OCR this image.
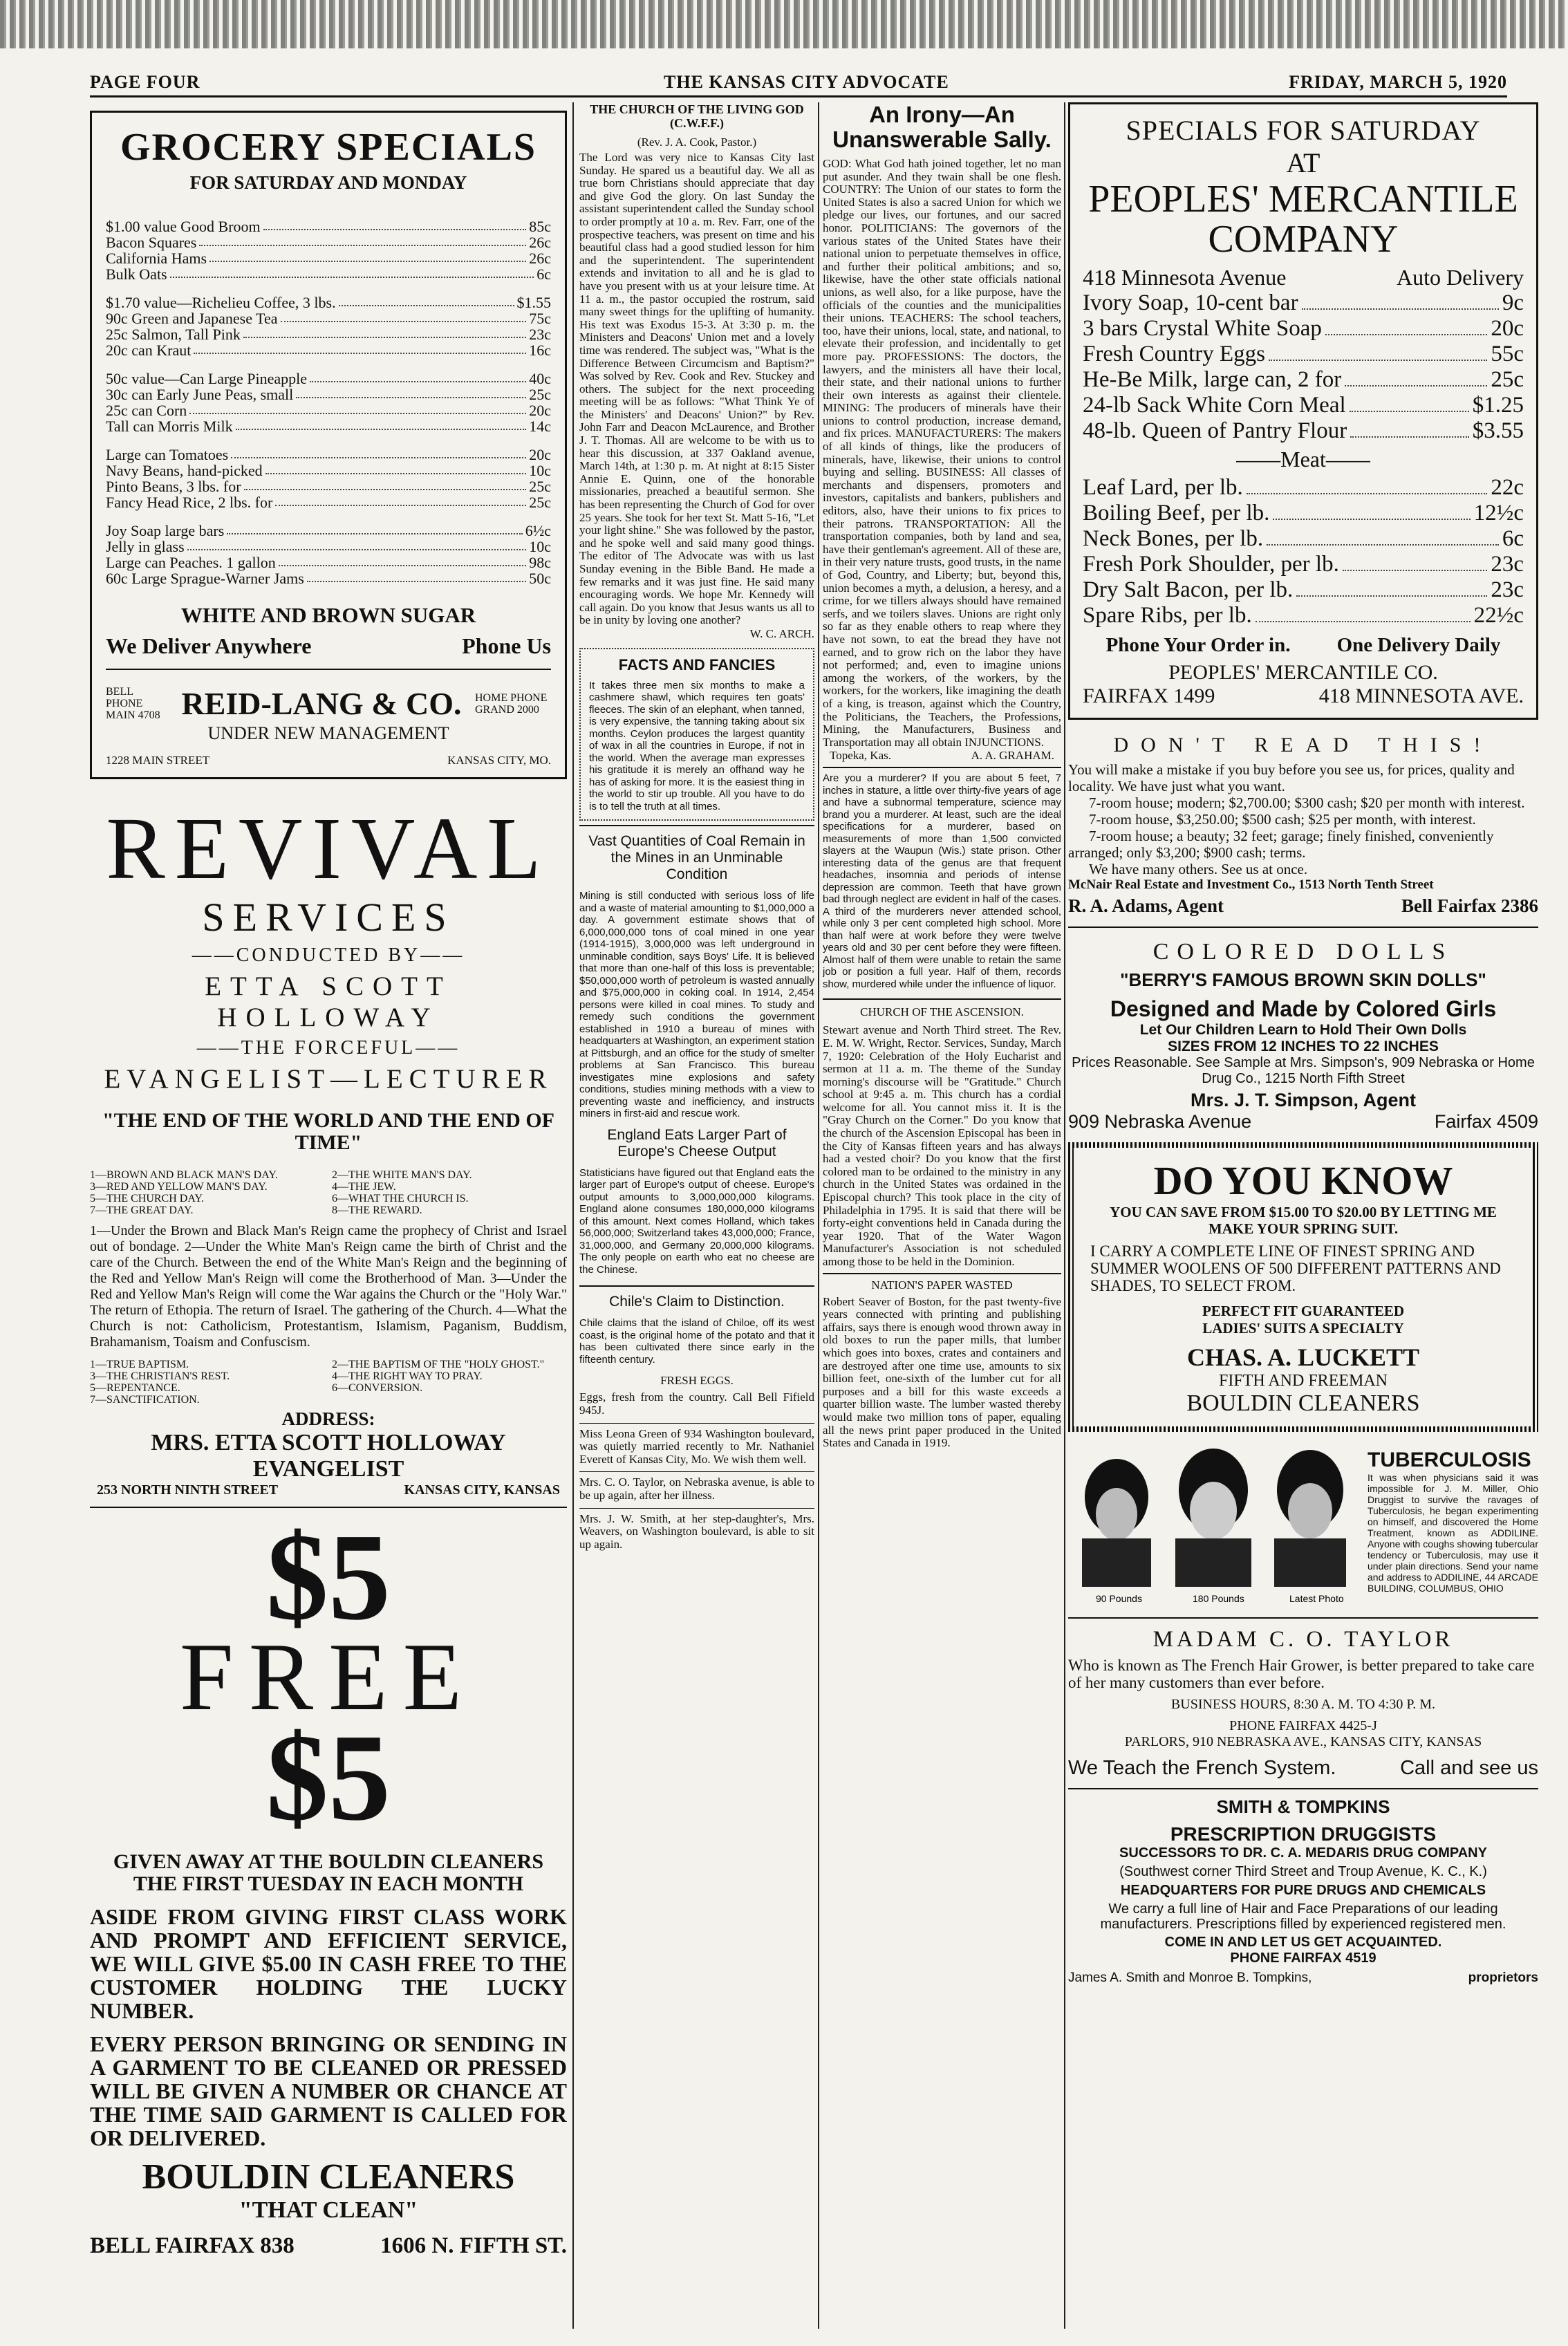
PAGE FOUR	THE KANSAS CITY ADVOCATE	FRIDAY, MARCH 5, 1920
GROCERY SPECIALS
FOR SATURDAY AND MONDAY
$1.00 value Good Broom	85c
Bacon Squares	26c
California Hams	26c
Bulk Oats	6c
$1.70 value—Richelieu Coffee, 3 lbs.	$1.55
90c Green and Japanese Tea	75c
25c Salmon, Tall Pink	23c
20c can Kraut	16c
50c value—Can Large Pineapple	40c
30c can Early June Peas, small	25c
25c can Corn	20c
Tall can Morris Milk	14c
Large can Tomatoes	20c
Navy Beans, hand-picked	10c
Pinto Beans, 3 lbs. for	25c
Fancy Head Rice, 2 lbs. for	25c
Joy Soap large bars	6½c
Jelly in glass	10c
Large can Peaches. 1 gallon	98c
60c Large Sprague-Warner Jams	50c
WHITE AND BROWN SUGAR
We Deliver Anywhere	Phone Us
BELL PHONE MAIN 4708 REID-LANG & CO. HOME PHONE GRAND 2000
UNDER NEW MANAGEMENT
1228 MAIN STREET	KANSAS CITY, MO.
REVIVAL
SERVICES
——CONDUCTED BY——
ETTA SCOTT HOLLOWAY
——THE FORCEFUL——
EVANGELIST—LECTURER
"THE END OF THE WORLD AND THE END OF TIME"
1—BROWN AND BLACK MAN'S DAY.	2—THE WHITE MAN'S DAY.
3—RED AND YELLOW MAN'S DAY.	4—THE JEW.
5—THE CHURCH DAY.	6—WHAT THE CHURCH IS.
7—THE GREAT DAY.	8—THE REWARD.
1—Under the Brown and Black Man's Reign came the prophecy of Christ and Israel out of bondage. 2—Under the White Man's Reign came the birth of Christ and the care of the Church. Between the end of the White Man's Reign and the beginning of the Red and Yellow Man's Reign will come the Brotherhood of Man. 3—Under the Red and Yellow Man's Reign will come the War agains the Church or the "Holy War." The return of Ethopia. The return of Israel. The gathering of the Church. 4—What the Church is not: Catholicism, Protestantism, Islamism, Paganism, Buddism, Brahamanism, Toaism and Confuscism.
1—TRUE BAPTISM.	2—THE BAPTISM OF THE "HOLY GHOST."
3—THE CHRISTIAN'S REST.	4—THE RIGHT WAY TO PRAY.
5—REPENTANCE.	6—CONVERSION.
7—SANCTIFICATION.
ADDRESS:
MRS. ETTA SCOTT HOLLOWAY
EVANGELIST
253 NORTH NINTH STREET	KANSAS CITY, KANSAS
$5
FREE
$5
GIVEN AWAY AT THE BOULDIN CLEANERS THE FIRST TUESDAY IN EACH MONTH
ASIDE FROM GIVING FIRST CLASS WORK AND PROMPT AND EFFICIENT SERVICE, WE WILL GIVE $5.00 IN CASH FREE TO THE CUSTOMER HOLDING THE LUCKY NUMBER.
EVERY PERSON BRINGING OR SENDING IN A GARMENT TO BE CLEANED OR PRESSED WILL BE GIVEN A NUMBER OR CHANCE AT THE TIME SAID GARMENT IS CALLED FOR OR DELIVERED.
BOULDIN CLEANERS
"THAT CLEAN"
BELL FAIRFAX 838	1606 N. FIFTH ST.
THE CHURCH OF THE LIVING GOD (C.W.F.F.)
(Rev. J. A. Cook, Pastor.)
The Lord was very nice to Kansas City last Sunday. He spared us a beautiful day. We all as true born Christians should appreciate that day and give God the glory. On last Sunday the assistant superintendent called the Sunday school to order promptly at 10 a. m. Rev. Farr, one of the prospective teachers, was present on time and his beautiful class had a good studied lesson for him and the superintendent. The superintendent extends and invitation to all and he is glad to have you present with us at your leisure time. At 11 a. m., the pastor occupied the rostrum, said many sweet things for the uplifting of humanity. His text was Exodus 15-3. At 3:30 p. m. the Ministers and Deacons' Union met and a lovely time was rendered. The subject was, "What is the Difference Between Circumcism and Baptism?" Was solved by Rev. Cook and Rev. Stuckey and others. The subject for the next proceeding meeting will be as follows: "What Think Ye of the Ministers' and Deacons' Union?" by Rev. John Farr and Deacon McLaurence, and Brother J. T. Thomas. All are welcome to be with us to hear this discussion, at 337 Oakland avenue, March 14th, at 1:30 p. m. At night at 8:15 Sister Annie E. Quinn, one of the honorable missionaries, preached a beautiful sermon. She has been representing the Church of God for over 25 years. She took for her text St. Matt 5-16, "Let your light shine." She was followed by the pastor, and he spoke well and said many good things. The editor of The Advocate was with us last Sunday evening in the Bible Band. He made a few remarks and it was just fine. He said many encouraging words. We hope Mr. Kennedy will call again. Do you know that Jesus wants us all to be in unity by loving one another?
W. C. ARCH.
FACTS AND FANCIES
It takes three men six months to make a cashmere shawl, which requires ten goats' fleeces. The skin of an elephant, when tanned, is very expensive, the tanning taking about six months. Ceylon produces the largest quantity of wax in all the countries in Europe, if not in the world. When the average man expresses his gratitude it is merely an offhand way he has of asking for more. It is the easiest thing in the world to stir up trouble. All you have to do is to tell the truth at all times.
Vast Quantities of Coal Remain in the Mines in an Unminable Condition
Mining is still conducted with serious loss of life and a waste of material amounting to $1,000,000 a day. A government estimate shows that of 6,000,000,000 tons of coal mined in one year (1914-1915), 3,000,000 was left underground in unminable condition, says Boys' Life. It is believed that more than one-half of this loss is preventable; $50,000,000 worth of petroleum is wasted annually and $75,000,000 in coking coal. In 1914, 2,454 persons were killed in coal mines. To study and remedy such conditions the government established in 1910 a bureau of mines with headquarters at Washington, an experiment station at Pittsburgh, and an office for the study of smelter problems at San Francisco. This bureau investigates mine explosions and safety conditions, studies mining methods with a view to preventing waste and inefficiency, and instructs miners in first-aid and rescue work.
England Eats Larger Part of Europe's Cheese Output
Statisticians have figured out that England eats the larger part of Europe's output of cheese. Europe's output amounts to 3,000,000,000 kilograms. England alone consumes 180,000,000 kilograms of this amount. Next comes Holland, which takes 56,000,000; Switzerland takes 43,000,000; France, 31,000,000, and Germany 20,000,000 kilograms. The only people on earth who eat no cheese are the Chinese.
Chile's Claim to Distinction.
Chile claims that the island of Chiloe, off its west coast, is the original home of the potato and that it has been cultivated there since early in the fifteenth century.
FRESH EGGS.
Eggs, fresh from the country. Call Bell Fifield 945J.
Miss Leona Green of 934 Washington boulevard, was quietly married recently to Mr. Nathaniel Everett of Kansas City, Mo. We wish them well.
Mrs. C. O. Taylor, on Nebraska avenue, is able to be up again, after her illness.
Mrs. J. W. Smith, at her step-daughter's, Mrs. Weavers, on Washington boulevard, is able to sit up again.
An Irony—An Unanswerable Sally.
GOD: What God hath joined together, let no man put asunder. And they twain shall be one flesh. COUNTRY: The Union of our states to form the United States is also a sacred Union for which we pledge our lives, our fortunes, and our sacred honor. POLITICIANS: The governors of the various states of the United States have their national union to perpetuate themselves in office, and further their political ambitions; and so, likewise, have the other state officials national unions, as well also, for a like purpose, have the officials of the counties and the municipalities their unions. TEACHERS: The school teachers, too, have their unions, local, state, and national, to elevate their profession, and incidentally to get more pay. PROFESSIONS: The doctors, the lawyers, and the ministers all have their local, their state, and their national unions to further their own interests as against their clientele. MINING: The producers of minerals have their unions to control production, increase demand, and fix prices. MANUFACTURERS: The makers of all kinds of things, like the producers of minerals, have, likewise, their unions to control buying and selling. BUSINESS: All classes of merchants and dispensers, promoters and investors, capitalists and bankers, publishers and editors, also, have their unions to fix prices to their patrons. TRANSPORTATION: All the transportation companies, both by land and sea, have their gentleman's agreement. All of these are, in their very nature trusts, good trusts, in the name of God, Country, and Liberty; but, beyond this, union becomes a myth, a delusion, a heresy, and a crime, for we tillers always should have remained serfs, and we toilers slaves. Unions are right only so far as they enable others to reap where they have not sown, to eat the bread they have not earned, and to grow rich on the labor they have not performed; and, even to imagine unions among the workers, of the workers, by the workers, for the workers, like imagining the death of a king, is treason, against which the Country, the Politicians, the Teachers, the Professions, Mining, the Manufacturers, Business and Transportation may all obtain INJUNCTIONS.
Topeka, Kas.	A. A. GRAHAM.
Are you a murderer? If you are about 5 feet, 7 inches in stature, a little over thirty-five years of age and have a subnormal temperature, science may brand you a murderer. At least, such are the ideal specifications for a murderer, based on measurements of more than 1,500 convicted slayers at the Waupun (Wis.) state prison. Other interesting data of the genus are that frequent headaches, insomnia and periods of intense depression are common. Teeth that have grown bad through neglect are evident in half of the cases. A third of the murderers never attended school, while only 3 per cent completed high school. More than half were at work before they were twelve years old and 30 per cent before they were fifteen. Almost half of them were unable to retain the same job or position a full year. Half of them, records show, murdered while under the influence of liquor.
CHURCH OF THE ASCENSION.
Stewart avenue and North Third street. The Rev. E. M. W. Wright, Rector. Services, Sunday, March 7, 1920: Celebration of the Holy Eucharist and sermon at 11 a. m. The theme of the Sunday morning's discourse will be "Gratitude." Church school at 9:45 a. m. This church has a cordial welcome for all. You cannot miss it. It is the "Gray Church on the Corner." Do you know that the church of the Ascension Episcopal has been in the City of Kansas fifteen years and has always had a vested choir? Do you know that the first colored man to be ordained to the ministry in any church in the United States was ordained in the Episcopal church? This took place in the city of Philadelphia in 1795. It is said that there will be forty-eight conventions held in Canada during the year 1920. That of the Water Wagon Manufacturer's Association is not scheduled among those to be held in the Dominion.
NATION'S PAPER WASTED
Robert Seaver of Boston, for the past twenty-five years connected with printing and publishing affairs, says there is enough wood thrown away in old boxes to run the paper mills, that lumber which goes into boxes, crates and containers and are destroyed after one time use, amounts to six billion feet, one-sixth of the lumber cut for all purposes and a bill for this waste exceeds a quarter billion waste. The lumber wasted thereby would make two million tons of paper, equaling all the news print paper produced in the United States and Canada in 1919.
SPECIALS FOR SATURDAY
AT
PEOPLES' MERCANTILE
COMPANY
418 Minnesota Avenue	Auto Delivery
Ivory Soap, 10-cent bar	9c
3 bars Crystal White Soap	20c
Fresh Country Eggs	55c
He-Be Milk, large can, 2 for	25c
24-lb Sack White Corn Meal	$1.25
48-lb. Queen of Pantry Flour	$3.55
——Meat——
Leaf Lard, per lb.	22c
Boiling Beef, per lb.	12½c
Neck Bones, per lb.	6c
Fresh Pork Shoulder, per lb.	23c
Dry Salt Bacon, per lb.	23c
Spare Ribs, per lb.	22½c
Phone Your Order in. One Delivery Daily
PEOPLES' MERCANTILE CO.
FAIRFAX 1499	418 MINNESOTA AVE.
DON'T READ THIS!
You will make a mistake if you buy before you see us, for prices, quality and locality. We have just what you want.
7-room house; modern; $2,700.00; $300 cash; $20 per month with interest.
7-room house, $3,250.00; $500 cash; $25 per month, with interest.
7-room house; a beauty; 32 feet; garage; finely finished, conveniently arranged; only $3,200; $900 cash; terms.
We have many others. See us at once.
McNair Real Estate and Investment Co., 1513 North Tenth Street
R. A. Adams, Agent	Bell Fairfax 2386
COLORED DOLLS
"BERRY'S FAMOUS BROWN SKIN DOLLS"
Designed and Made by Colored Girls
Let Our Children Learn to Hold Their Own Dolls
SIZES FROM 12 INCHES TO 22 INCHES
Prices Reasonable. See Sample at Mrs. Simpson's, 909 Nebraska or Home Drug Co., 1215 North Fifth Street
Mrs. J. T. Simpson, Agent
909 Nebraska Avenue	Fairfax 4509
DO YOU KNOW
YOU CAN SAVE FROM $15.00 TO $20.00 BY LETTING ME MAKE YOUR SPRING SUIT.
I CARRY A COMPLETE LINE OF FINEST SPRING AND SUMMER WOOLENS OF 500 DIFFERENT PATTERNS AND SHADES, TO SELECT FROM.
PERFECT FIT GUARANTEED
LADIES' SUITS A SPECIALTY
CHAS. A. LUCKETT
FIFTH AND FREEMAN
BOULDIN CLEANERS
90 Pounds	180 Pounds	Latest Photo
TUBERCULOSIS
It was when physicians said it was impossible for J. M. Miller, Ohio Druggist to survive the ravages of Tuberculosis, he began experimenting on himself, and discovered the Home Treatment, known as ADDILINE. Anyone with coughs showing tubercular tendency or Tuberculosis, may use it under plain directions. Send your name and address to ADDILINE, 44 ARCADE BUILDING, COLUMBUS, OHIO
MADAM C. O. TAYLOR
Who is known as The French Hair Grower, is better prepared to take care of her many customers than ever before.
BUSINESS HOURS, 8:30 A. M. TO 4:30 P. M.
PHONE FAIRFAX 4425-J
PARLORS, 910 NEBRASKA AVE., KANSAS CITY, KANSAS
We Teach the French System.	Call and see us
SMITH & TOMPKINS
PRESCRIPTION DRUGGISTS
SUCCESSORS TO DR. C. A. MEDARIS DRUG COMPANY
(Southwest corner Third Street and Troup Avenue, K. C., K.)
HEADQUARTERS FOR PURE DRUGS AND CHEMICALS
We carry a full line of Hair and Face Preparations of our leading manufacturers. Prescriptions filled by experienced registered men.
COME IN AND LET US GET ACQUAINTED.
PHONE FAIRFAX 4519
James A. Smith and Monroe B. Tompkins,	proprietors
